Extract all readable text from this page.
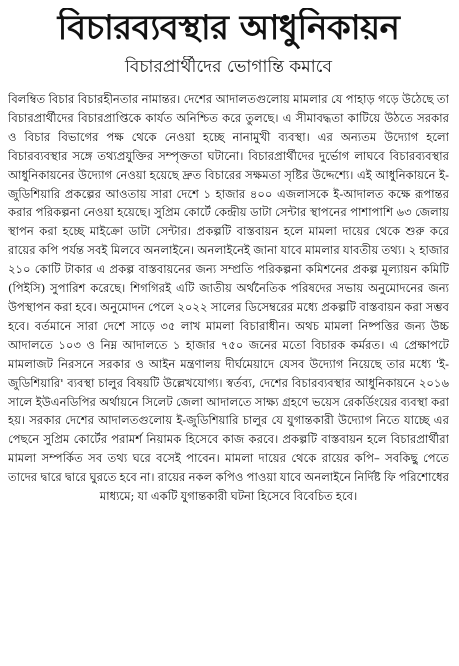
বিচারব্যবস্থার আধুনিকায়ন
বিচারপ্রার্থীদের ভোগান্তি কমাবে
বিলম্বিত বিচার বিচারহীনতার নামান্তর। দেশের আদালতগুলোয় মামলার যে পাহাড় গড়ে উঠেছে তা বিচারপ্রার্থীদের বিচারপ্রাপ্তিকে কার্যত অনিশ্চিত করে তুলছে। এ সীমাবদ্ধতা কাটিয়ে উঠতে সরকার ও বিচার বিভাগের পক্ষ থেকে নেওয়া হচ্ছে নানামুখী ব্যবস্থা। এর অন্যতম উদ্যোগ হলো বিচারব্যবস্থার সঙ্গে তথ্যপ্রযুক্তির সম্পৃক্ততা ঘটানো। বিচারপ্রার্থীদের দুর্ভোগ লাঘবে বিচারব্যবস্থার আধুনিকায়নের উদ্যোগ নেওয়া হয়েছে দ্রুত বিচারের সক্ষমতা সৃষ্টির উদ্দেশ্যে। এই আধুনিকায়নে ই-জুডিশিয়ারি প্রকল্পের আওতায় সারা দেশে ১ হাজার ৪০০ এজলাসকে ই-আদালত কক্ষে রূপান্তর করার পরিকল্পনা নেওয়া হয়েছে। সুপ্রিম কোর্টে কেন্দ্রীয় ডাটা সেন্টার স্থাপনের পাশাপাশি ৬৩ জেলায় স্থাপন করা হচ্ছে মাইক্রো ডাটা সেন্টার। প্রকল্পটি বাস্তবায়ন হলে মামলা দায়ের থেকে শুরু করে রায়ের কপি পর্যন্ত সবই মিলবে অনলাইনে। অনলাইনেই জানা যাবে মামলার যাবতীয় তথ্য। ২ হাজার ২১০ কোটি টাকার এ প্রকল্প বাস্তবায়নের জন্য সম্প্রতি পরিকল্পনা কমিশনের প্রকল্প মূল্যায়ন কমিটি (পিইসি) সুপারিশ করেছে। শিগগিরই এটি জাতীয় অর্থনৈতিক পরিষদের সভায় অনুমোদনের জন্য উপস্থাপন করা হবে। অনুমোদন পেলে ২০২২ সালের ডিসেম্বরের মধ্যে প্রকল্পটি বাস্তবায়ন করা সম্ভব হবে। বর্তমানে সারা দেশে সাড়ে ৩৫ লাখ মামলা বিচারাধীন। অথচ মামলা নিষ্পত্তির জন্য উচ্চ আদালতে ১০৩ ও নিম্ন আদালতে ১ হাজার ৭৫০ জনের মতো বিচারক কর্মরত। এ প্রেক্ষাপটে মামলাজট নিরসনে সরকার ও আইন মন্ত্রণালয় দীর্ঘমেয়াদে যেসব উদ্যোগ নিয়েছে তার মধ্যে 'ই-জুডিশিয়ারি' ব্যবস্থা চালুর বিষয়টি উল্লেখযোগ্য। স্বর্তব্য, দেশের বিচারব্যবস্থার আধুনিকায়নে ২০১৬ সালে ইউএনডিপির অর্থায়নে সিলেট জেলা আদালতে সাক্ষ্য গ্রহণে ভয়েস রেকর্ডিংয়ের ব্যবস্থা করা হয়। সরকার দেশের আদালতগুলোয় ই-জুডিশিয়ারি চালুর যে যুগান্তকারী উদ্যোগ নিতে যাচ্ছে এর পেছনে সুপ্রিম কোর্টের পরামর্শ নিয়ামক হিসেবে কাজ করবে। প্রকল্পটি বাস্তবায়ন হলে বিচারপ্রার্থীরা মামলা সম্পর্কিত সব তথ্য ঘরে বসেই পাবেন। মামলা দায়ের থেকে রায়ের কপি– সবকিছু পেতে তাদের দ্বারে দ্বারে ঘুরতে হবে না। রায়ের নকল কপিও পাওয়া যাবে অনলাইনে নির্দিষ্ট ফি পরিশোধের মাধ্যমে; যা একটি যুগান্তকারী ঘটনা হিসেবে বিবেচিত হবে।
